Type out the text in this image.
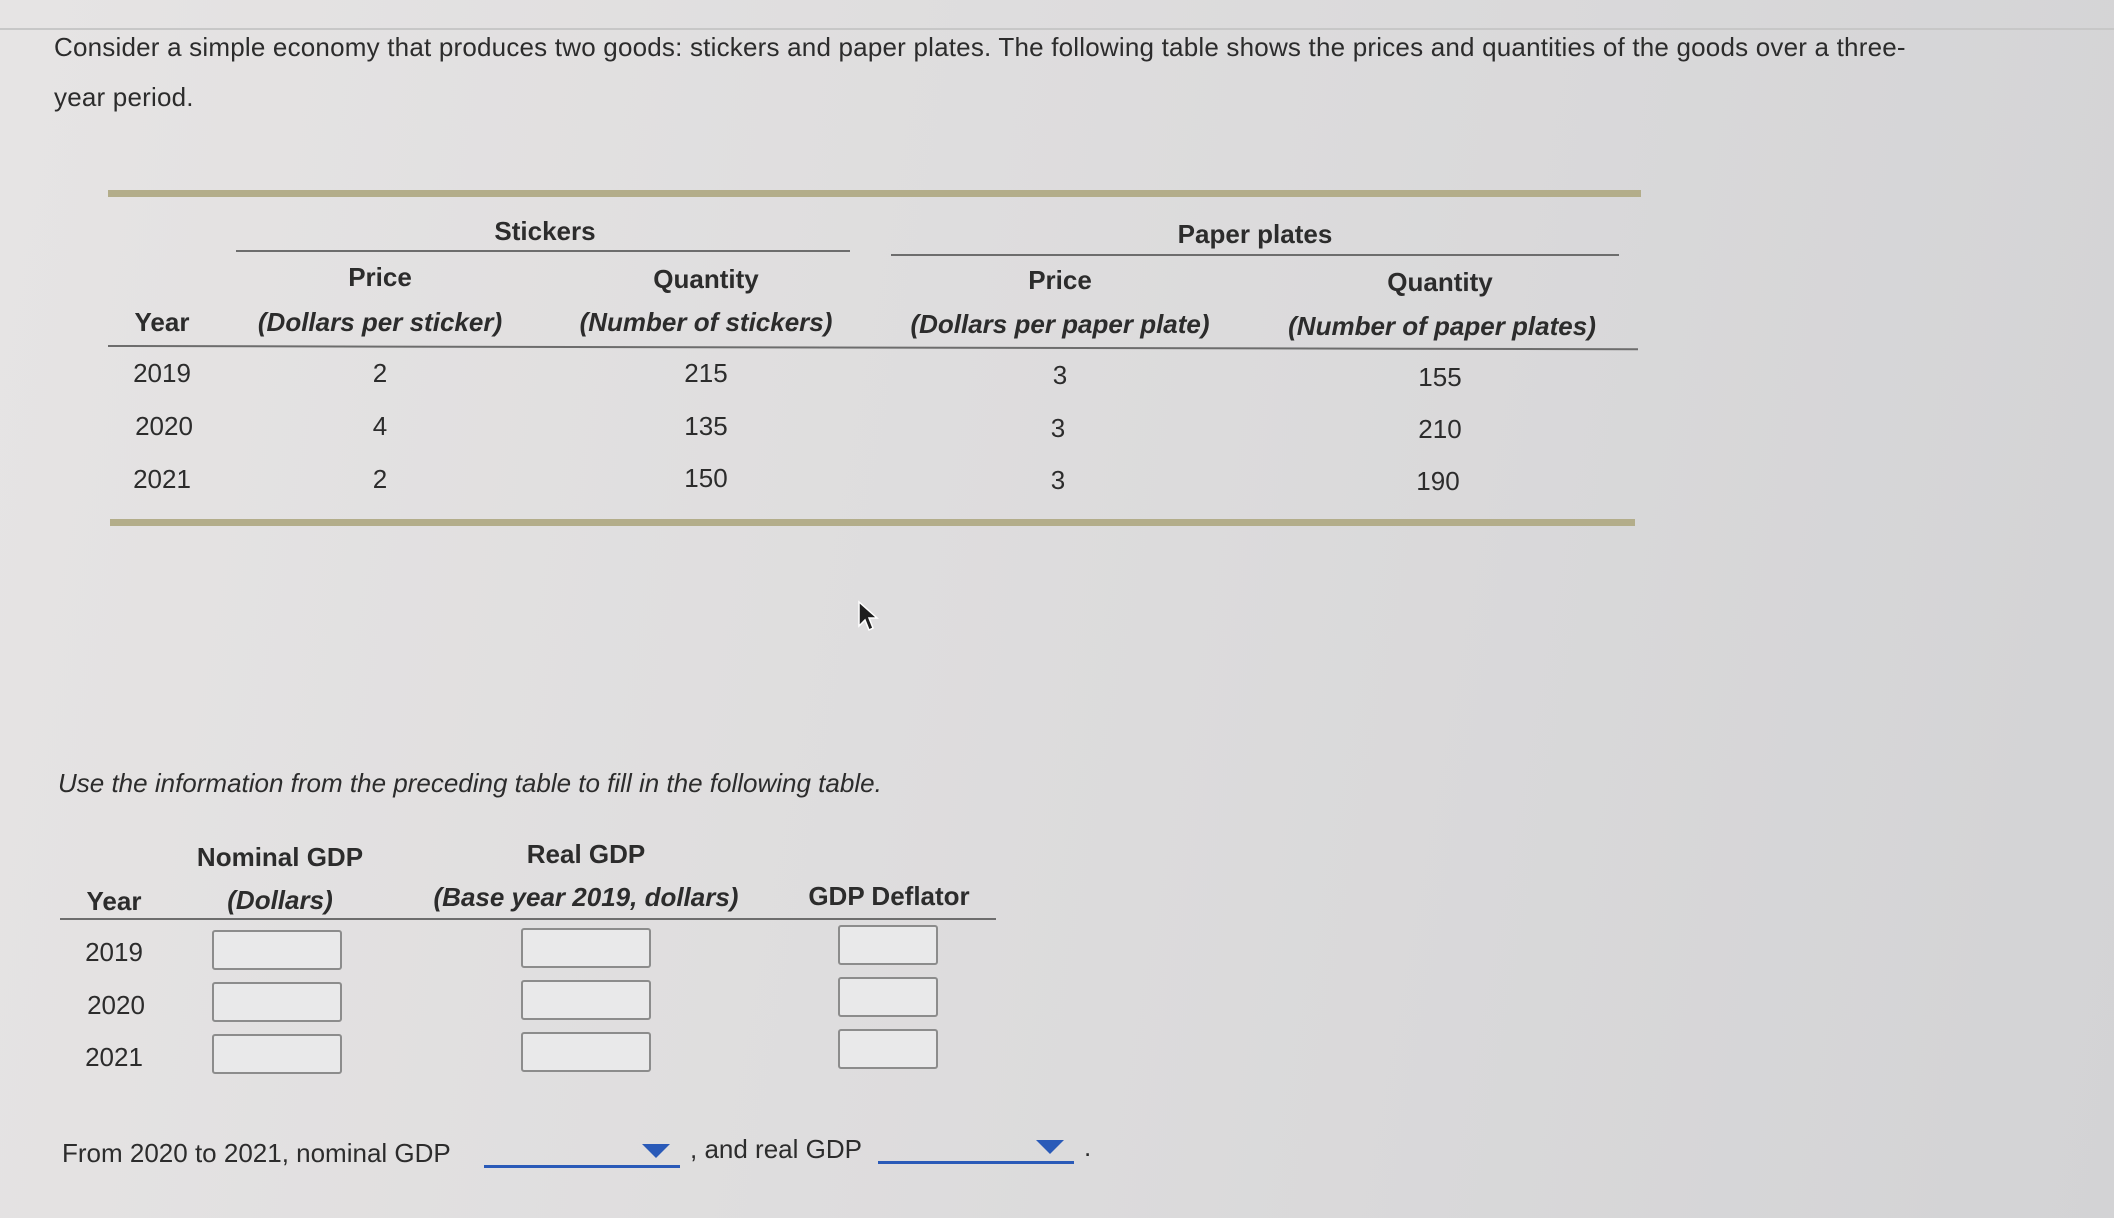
Consider a simple economy that produces two goods: stickers and paper plates. The following table shows the prices and quantities of the goods over a three-year period.
Stickers	Paper plates
Price	Quantity	Price	Quantity
Year	(Dollars per sticker)	(Number of stickers)	(Dollars per paper plate)	(Number of paper plates)
2019	2	215	3	155
2020	4	135	3	210
2021	2	150	3	190
Use the information from the preceding table to fill in the following table.
Nominal GDP	Real GDP
Year	(Dollars)	(Base year 2019, dollars)	GDP Deflator
2019
2020
2021
From 2020 to 2021, nominal GDP	, and real GDP	.
